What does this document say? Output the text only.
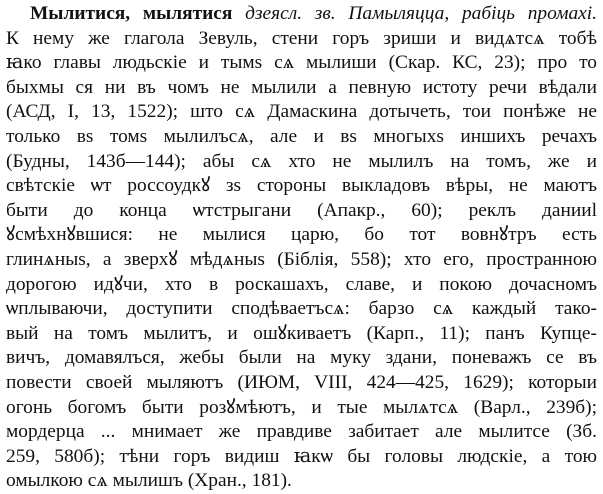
Мылитися, мылятися дзеясл. зв. Памыляцца, рабіць промахі.
К нему же глагола Зевуль, стени горъ зриши и видѧтсѧ тобѣ
ꙗко главы людьскіе и тымѕ сѧ мылиши (Скар. КС, 23); про то
быхмы ся ни въ чомъ не мылили а певную истоту речи вѣдали
(АСД, I, 13, 1522); што сѧ Дамаскина дотычеть, тои понѣже не
только вѕ томѕ мылилъсѧ, але и вѕ многыхѕ иншихъ речахъ
(Будны, 143б—144); абы сѧ хто не мылилъ на томъ, же и
свѣтскіе ѡт россоудкꙋ зѕ стороны выкладовъ вѣры, не маютъ
быти до конца ѡтстрыгани (Апакр., 60); реклъ данииl
ꙋсмѣхнꙋвшися: не мылися царю, бо тот вовнꙋтръ есть
глинѧныѕ, а зверхꙋ мѣдѧныѕ (Біблія, 558); хто его, пространною
дорогою идꙋчи, хто в роскашахъ, славе, и покою дочасномъ
ѡплываючи, доступити сподѣваетъсѧ: барзо сѧ каждый тако-
вый на томъ мылитъ, и ошꙋкиваетъ (Карп., 11); панъ Купце-
вичъ, домавялъся, жебы были на муку здани, поневажъ се въ
повести своей мыляютъ (ИЮМ, VIII, 424—425, 1629); которыи
огонь богомъ быти розꙋмѣютъ, и тые мылѧтсѧ (Варл., 239б);
мордерца ... мнимает же правдиве забиᴛает але мылитсе (Зб.
259, 580б); тѣни горъ видиш ꙗкѡ бы головы людскіе, а тою
омылкою сѧ мылишъ (Хран., 181).
